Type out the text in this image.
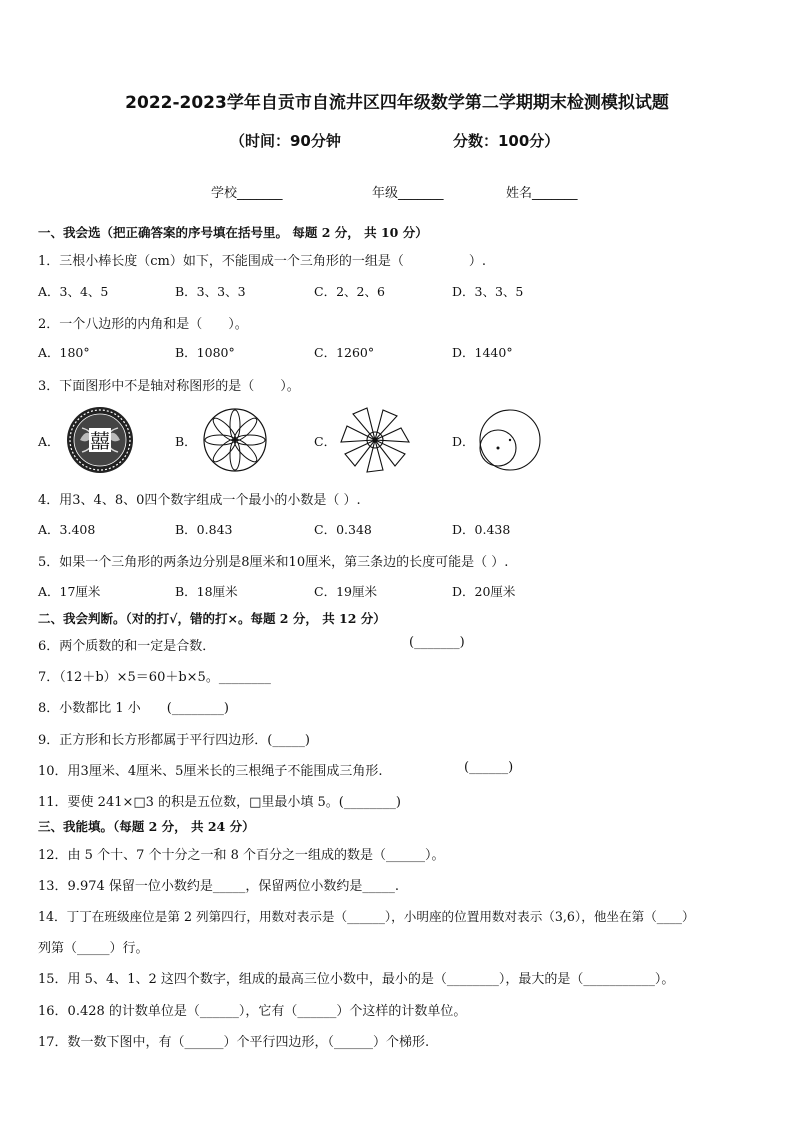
2022-2023学年自贡市自流井区四年级数学第二学期期末检测模拟试题
（时间：90分钟	分数：100分）
学校_______	年级_______	姓名_______
一、我会选（把正确答案的序号填在括号里。 每题 2 分， 共 10 分）
1．三根小棒长度（cm）如下，不能围成一个三角形的一组是（　　　　　）.
A．3、4、5	B．3、3、3	C．2、2、6	D．3、3、5
2．一个八边形的内角和是（　　）。
A．180°	B．1080°	C．1260°	D．1440°
3．下面图形中不是轴对称图形的是（　　）。
A．	B．	C．	D．
囍
4．用3、4、8、0四个数字组成一个最小的小数是（ ）.
A．3.408	B．0.843	C．0.348	D．0.438
5．如果一个三角形的两条边分别是8厘米和10厘米，第三条边的长度可能是（ ）.
A．17厘米	B．18厘米	C．19厘米	D．20厘米
二、我会判断。（对的打√，错的打×。每题 2 分， 共 12 分）
6．两个质数的和一定是合数．	(_______)
7．（12＋b）×5＝60＋b×5。________
8．小数都比 1 小　　(________)
9．正方形和长方形都属于平行四边形．(_____)
10．用3厘米、4厘米、5厘米长的三根绳子不能围成三角形.	(______)
11．要使 241×□3 的积是五位数，□里最小填 5。(________)
三、我能填。（每题 2 分， 共 24 分）
12．由 5 个十、7 个十分之一和 8 个百分之一组成的数是（______）。
13．9.974 保留一位小数约是_____，保留两位小数约是_____.
14．丁丁在班级座位是第 2 列第四行，用数对表示是（______），小明座的位置用数对表示（3,6），他坐在第（____）
列第（_____）行。
15．用 5、4、1、2 这四个数字，组成的最高三位小数中，最小的是（________），最大的是（___________）。
16．0.428 的计数单位是（______），它有（______）个这样的计数单位。
17．数一数下图中，有（______）个平行四边形，（______）个梯形.
